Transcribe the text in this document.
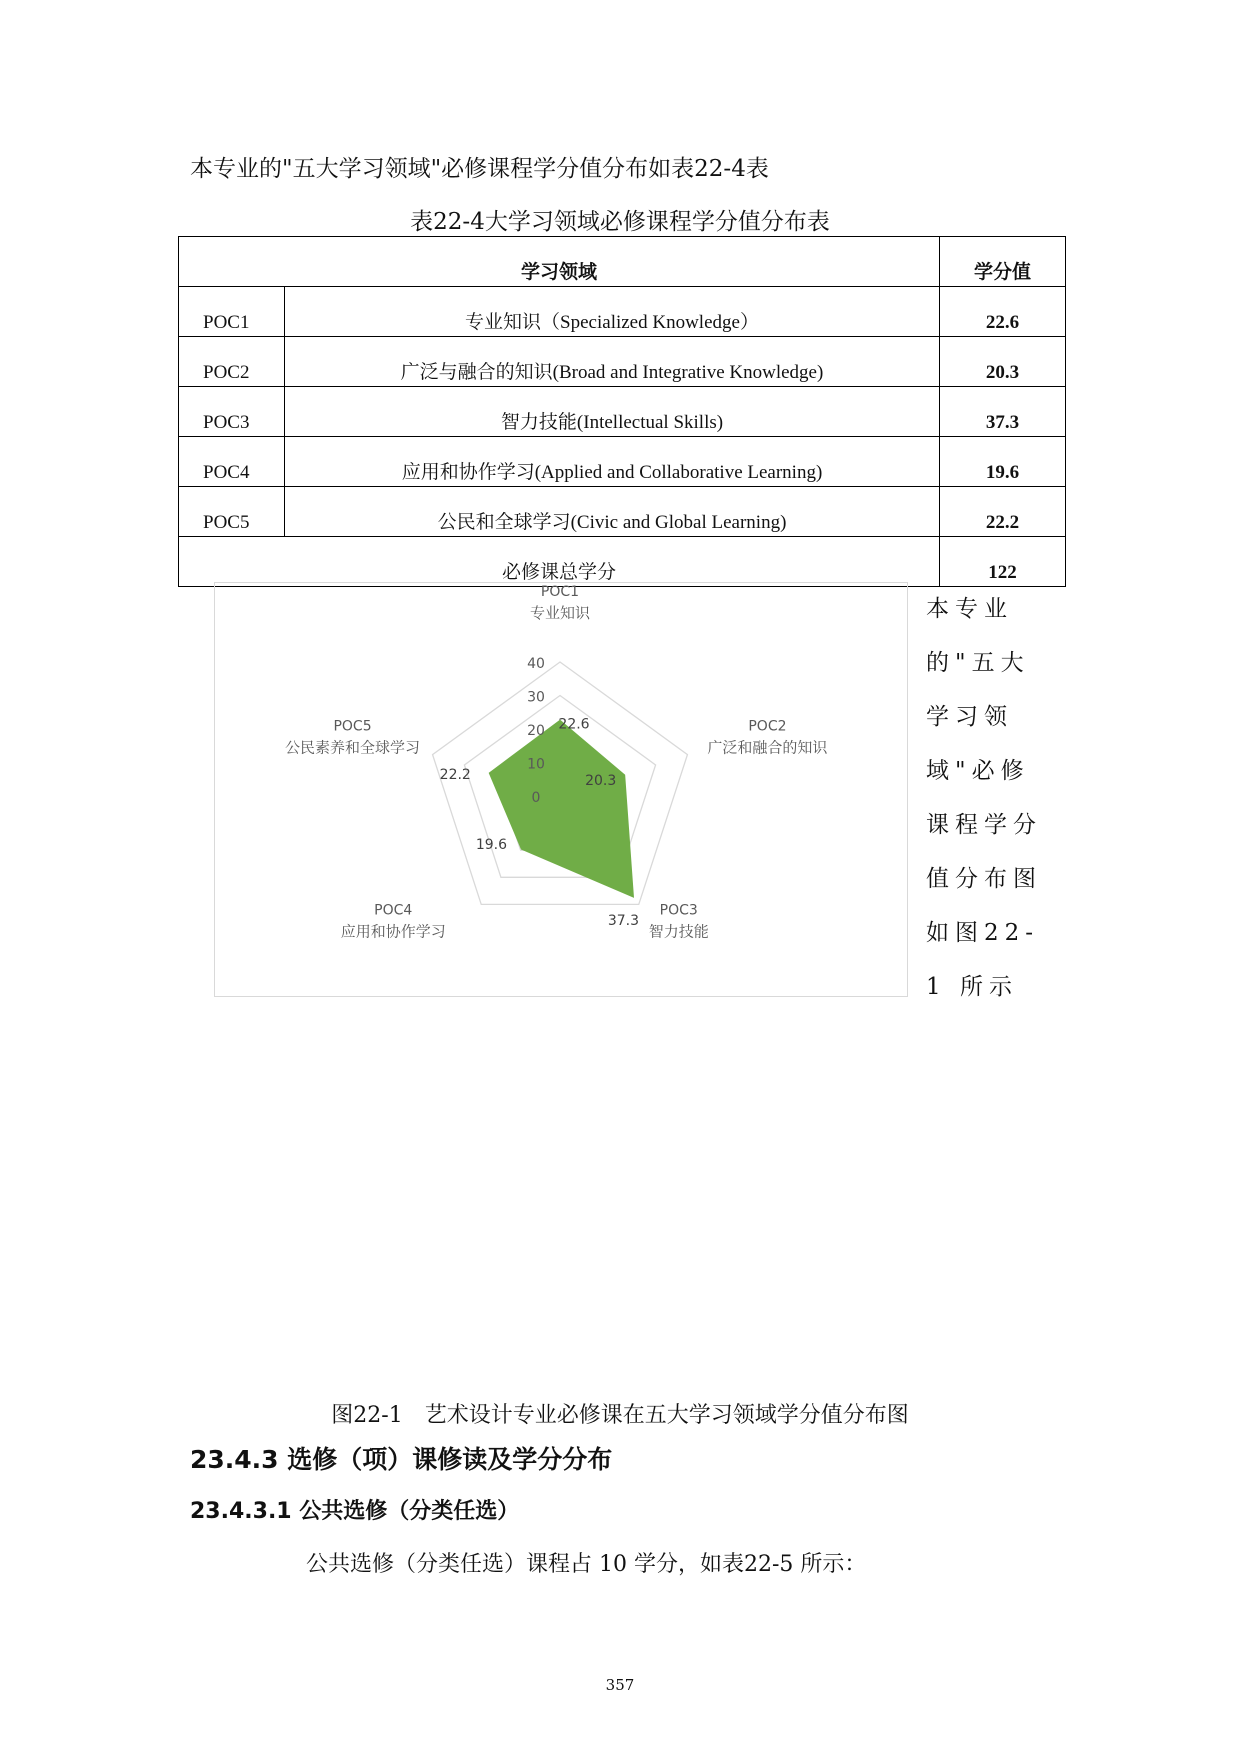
本专业的"五大学习领域"必修课程学分值分布如表22-4表
表22-4大学习领域必修课程学分值分布表
学习领域		学分值
POC1	专业知识（Specialized Knowledge）	22.6
POC2	广泛与融合的知识(Broad and Integrative Knowledge)	20.3
POC3	智力技能(Intellectual Skills)	37.3
POC4	应用和协作学习(Applied and Collaborative Learning)	19.6
POC5	公民和全球学习(Civic and Global Learning)	22.2
必修课总学分		122
0
10
20
30
40
22.6
20.3
37.3
19.6
22.2
POC1
专业知识
POC2
广泛和融合的知识
POC3
智力技能
POC4
应用和协作学习
POC5
公民素养和全球学习
本专业的"五大学习领域"必修课程学分值分布图如图22-1 所示
图22-1　艺术设计专业必修课在五大学习领域学分值分布图
23.4.3 选修（项）课修读及学分分布
23.4.3.1 公共选修（分类任选）
公共选修（分类任选）课程占 10 学分，如表22-5 所示：
357
